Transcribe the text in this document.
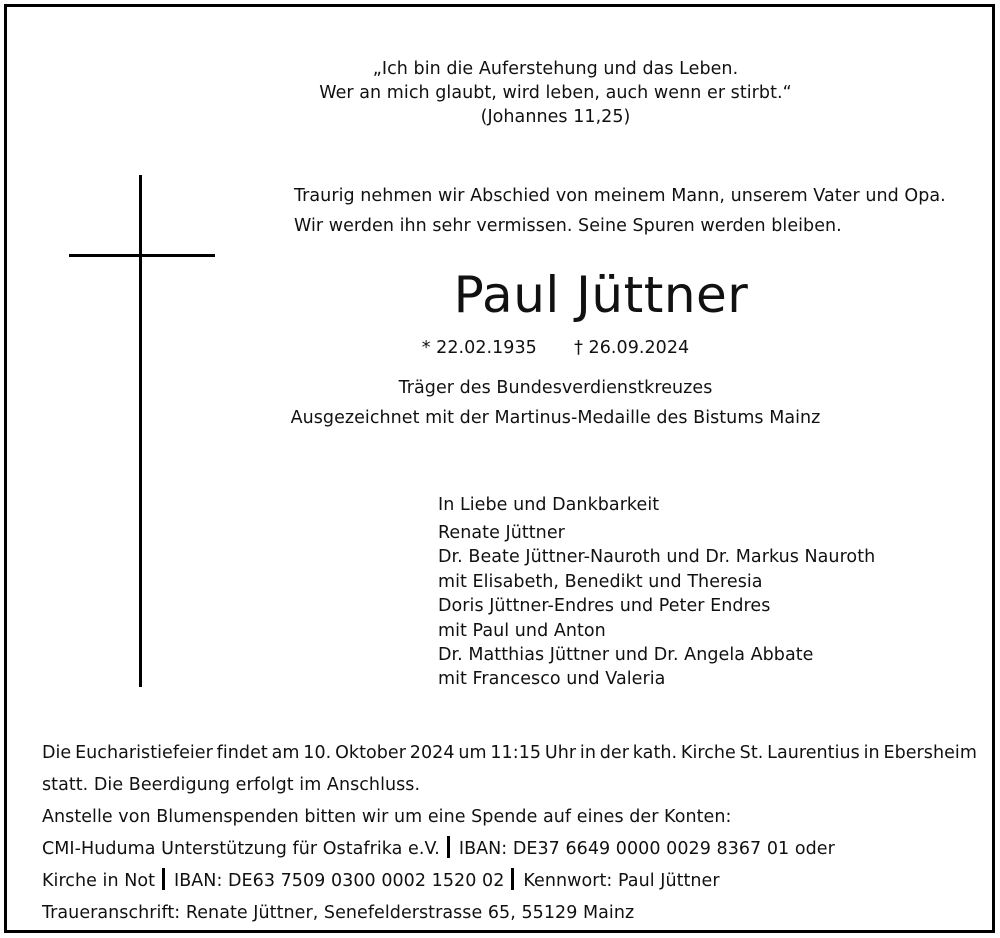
„Ich bin die Auferstehung und das Leben.
Wer an mich glaubt, wird leben, auch wenn er stirbt.“
(Johannes 11,25)
Traurig nehmen wir Abschied von meinem Mann, unserem Vater und Opa.
Wir werden ihn sehr vermissen. Seine Spuren werden bleiben.
Paul Jüttner
* 22.02.1935 † 26.09.2024
Träger des Bundesverdienstkreuzes
Ausgezeichnet mit der Martinus-Medaille des Bistums Mainz
In Liebe und Dankbarkeit
Renate Jüttner
Dr. Beate Jüttner-Nauroth und Dr. Markus Nauroth
mit Elisabeth, Benedikt und Theresia
Doris Jüttner-Endres und Peter Endres
mit Paul und Anton
Dr. Matthias Jüttner und Dr. Angela Abbate
mit Francesco und Valeria
Die Eucharistiefeier findet am 10. Oktober 2024 um 11:15 Uhr in der kath. Kirche St. Laurentius in Ebersheim
statt. Die Beerdigung erfolgt im Anschluss.
Anstelle von Blumenspenden bitten wir um eine Spende auf eines der Konten:
CMI-Huduma Unterstützung für Ostafrika e.V. IBAN: DE37 6649 0000 0029 8367 01 oder
Kirche in Not IBAN: DE63 7509 0300 0002 1520 02 Kennwort: Paul Jüttner
Traueranschrift: Renate Jüttner, Senefelderstrasse 65, 55129 Mainz
